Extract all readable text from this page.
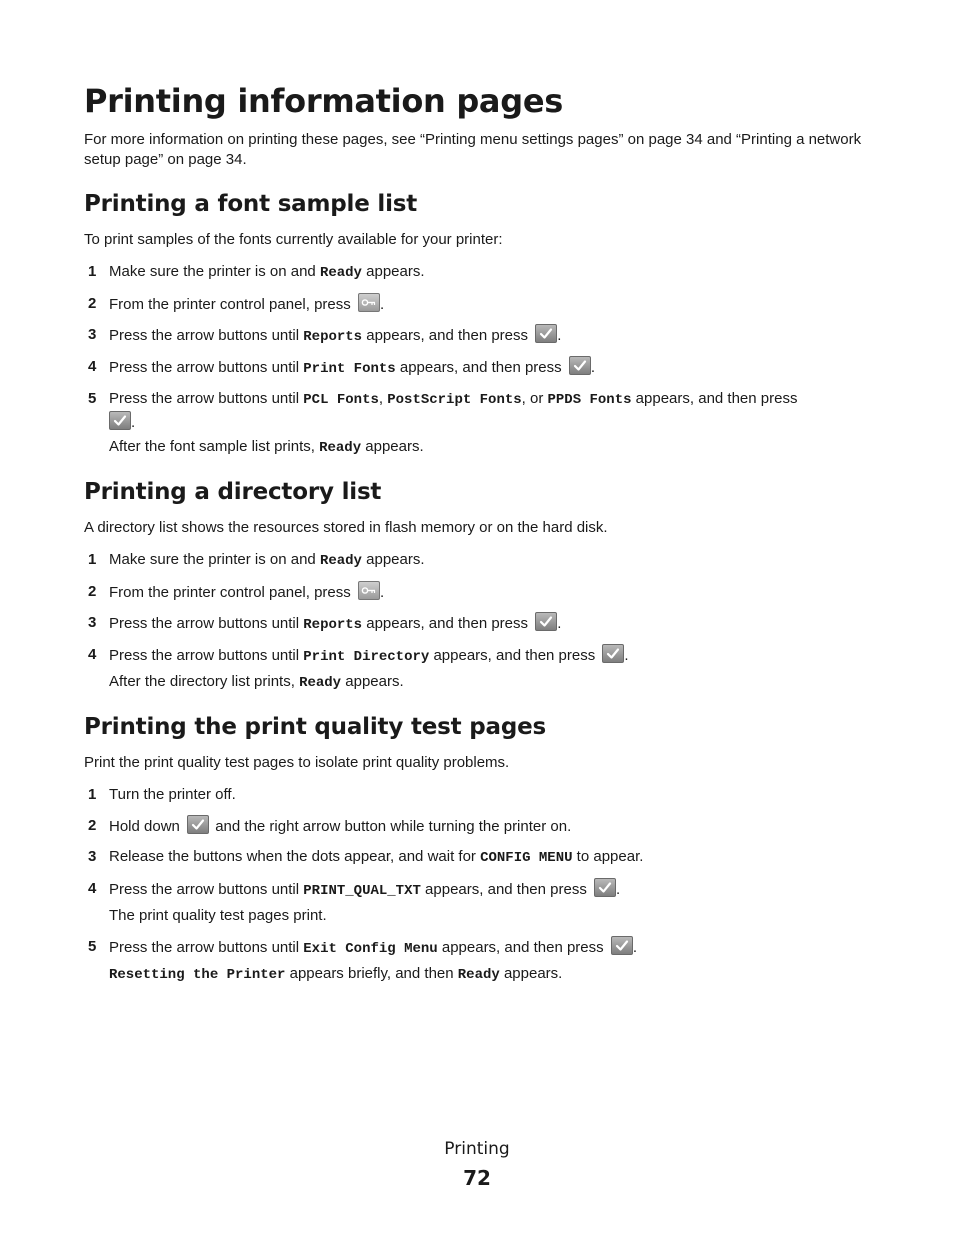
Printing information pages

For more information on printing these pages, see “Printing menu settings pages” on page 34 and “Printing a network setup page” on page 34.

Printing a font sample list

To print samples of the fonts currently available for your printer:

1 Make sure the printer is on and Ready appears.
2 From the printer control panel, press
.
3 Press the arrow buttons until Reports appears, and then press
.
4 Press the arrow buttons until Print Fonts appears, and then press
.
5 Press the arrow buttons until PCL Fonts, PostScript Fonts, or PPDS Fonts appears, and then press

.
After the font sample list prints, Ready appears.
Printing a directory list

A directory list shows the resources stored in flash memory or on the hard disk.

1 Make sure the printer is on and Ready appears.
2 From the printer control panel, press
.
3 Press the arrow buttons until Reports appears, and then press
.
4 Press the arrow buttons until Print Directory appears, and then press
.
After the directory list prints, Ready appears.
Printing the print quality test pages

Print the print quality test pages to isolate print quality problems.

1 Turn the printer off.
2 Hold down
and the right arrow button while turning the printer on.
3 Release the buttons when the dots appear, and wait for CONFIG MENU to appear.
4 Press the arrow buttons until PRINT_QUAL_TXT appears, and then press
.
The print quality test pages print.
5 Press the arrow buttons until Exit Config Menu appears, and then press
.
Resetting the Printer appears briefly, and then Ready appears.
Printing
72
